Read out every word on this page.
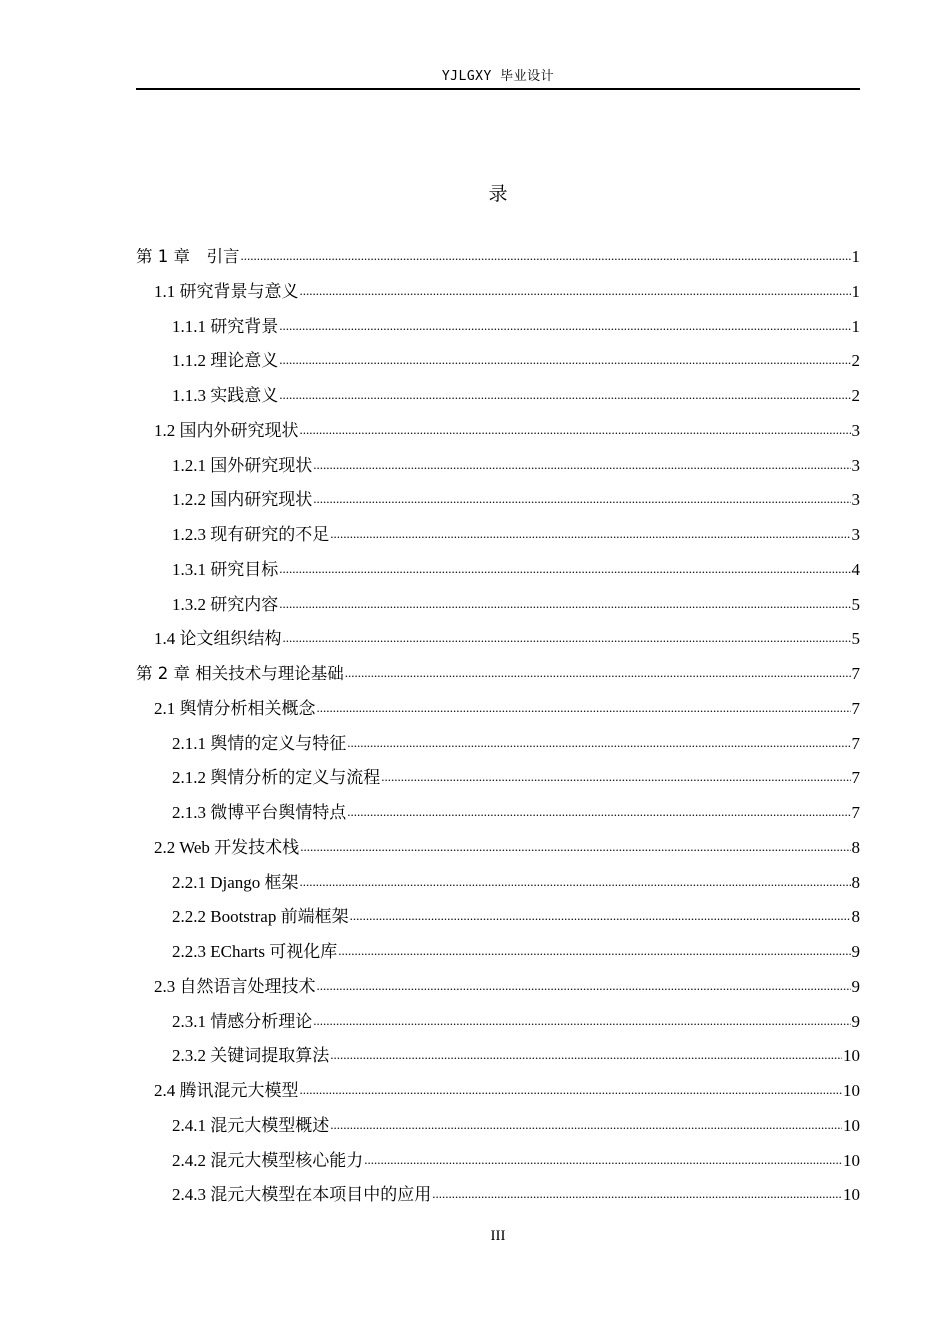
YJLGXY 毕业设计
录
第 1 章　引言 .....	1
1.1 研究背景与意义 .....	1
1.1.1 研究背景 .....	1
1.1.2 理论意义 .....	2
1.1.3 实践意义 .....	2
1.2 国内外研究现状 .....	3
1.2.1 国外研究现状 .....	3
1.2.2 国内研究现状 .....	3
1.2.3 现有研究的不足 .....	3
1.3.1 研究目标 .....	4
1.3.2 研究内容 .....	5
1.4 论文组织结构 .....	5
第 2 章 相关技术与理论基础 .....	7
2.1 舆情分析相关概念 .....	7
2.1.1 舆情的定义与特征 .....	7
2.1.2 舆情分析的定义与流程 .....	7
2.1.3 微博平台舆情特点 .....	7
2.2 Web 开发技术栈 .....	8
2.2.1 Django 框架 .....	8
2.2.2 Bootstrap 前端框架 .....	8
2.2.3 ECharts 可视化库 .....	9
2.3 自然语言处理技术 .....	9
2.3.1 情感分析理论 .....	9
2.3.2 关键词提取算法 .....	10
2.4 腾讯混元大模型 .....	10
2.4.1 混元大模型概述 .....	10
2.4.2 混元大模型核心能力 .....	10
2.4.3 混元大模型在本项目中的应用 .....	10
III
